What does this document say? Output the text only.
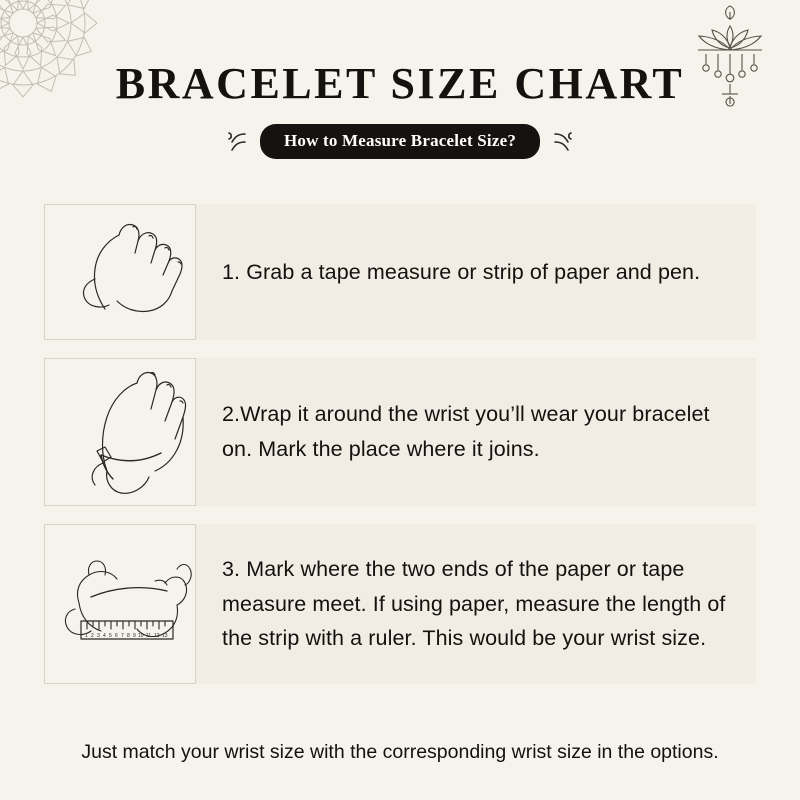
BRACELET SIZE CHART
How to Measure Bracelet Size?
1. Grab a tape measure or strip of paper and pen.
2.Wrap it around the wrist you’ll wear your bracelet on. Mark the place where it joins.
1 2 3 4 5 6 7 8 9 10 11 12 13
3. Mark where the two ends of the paper or tape measure meet. If using paper, measure the length of the strip with a ruler. This would be your wrist size.
Just match your wrist size with the corresponding wrist size in the options.
